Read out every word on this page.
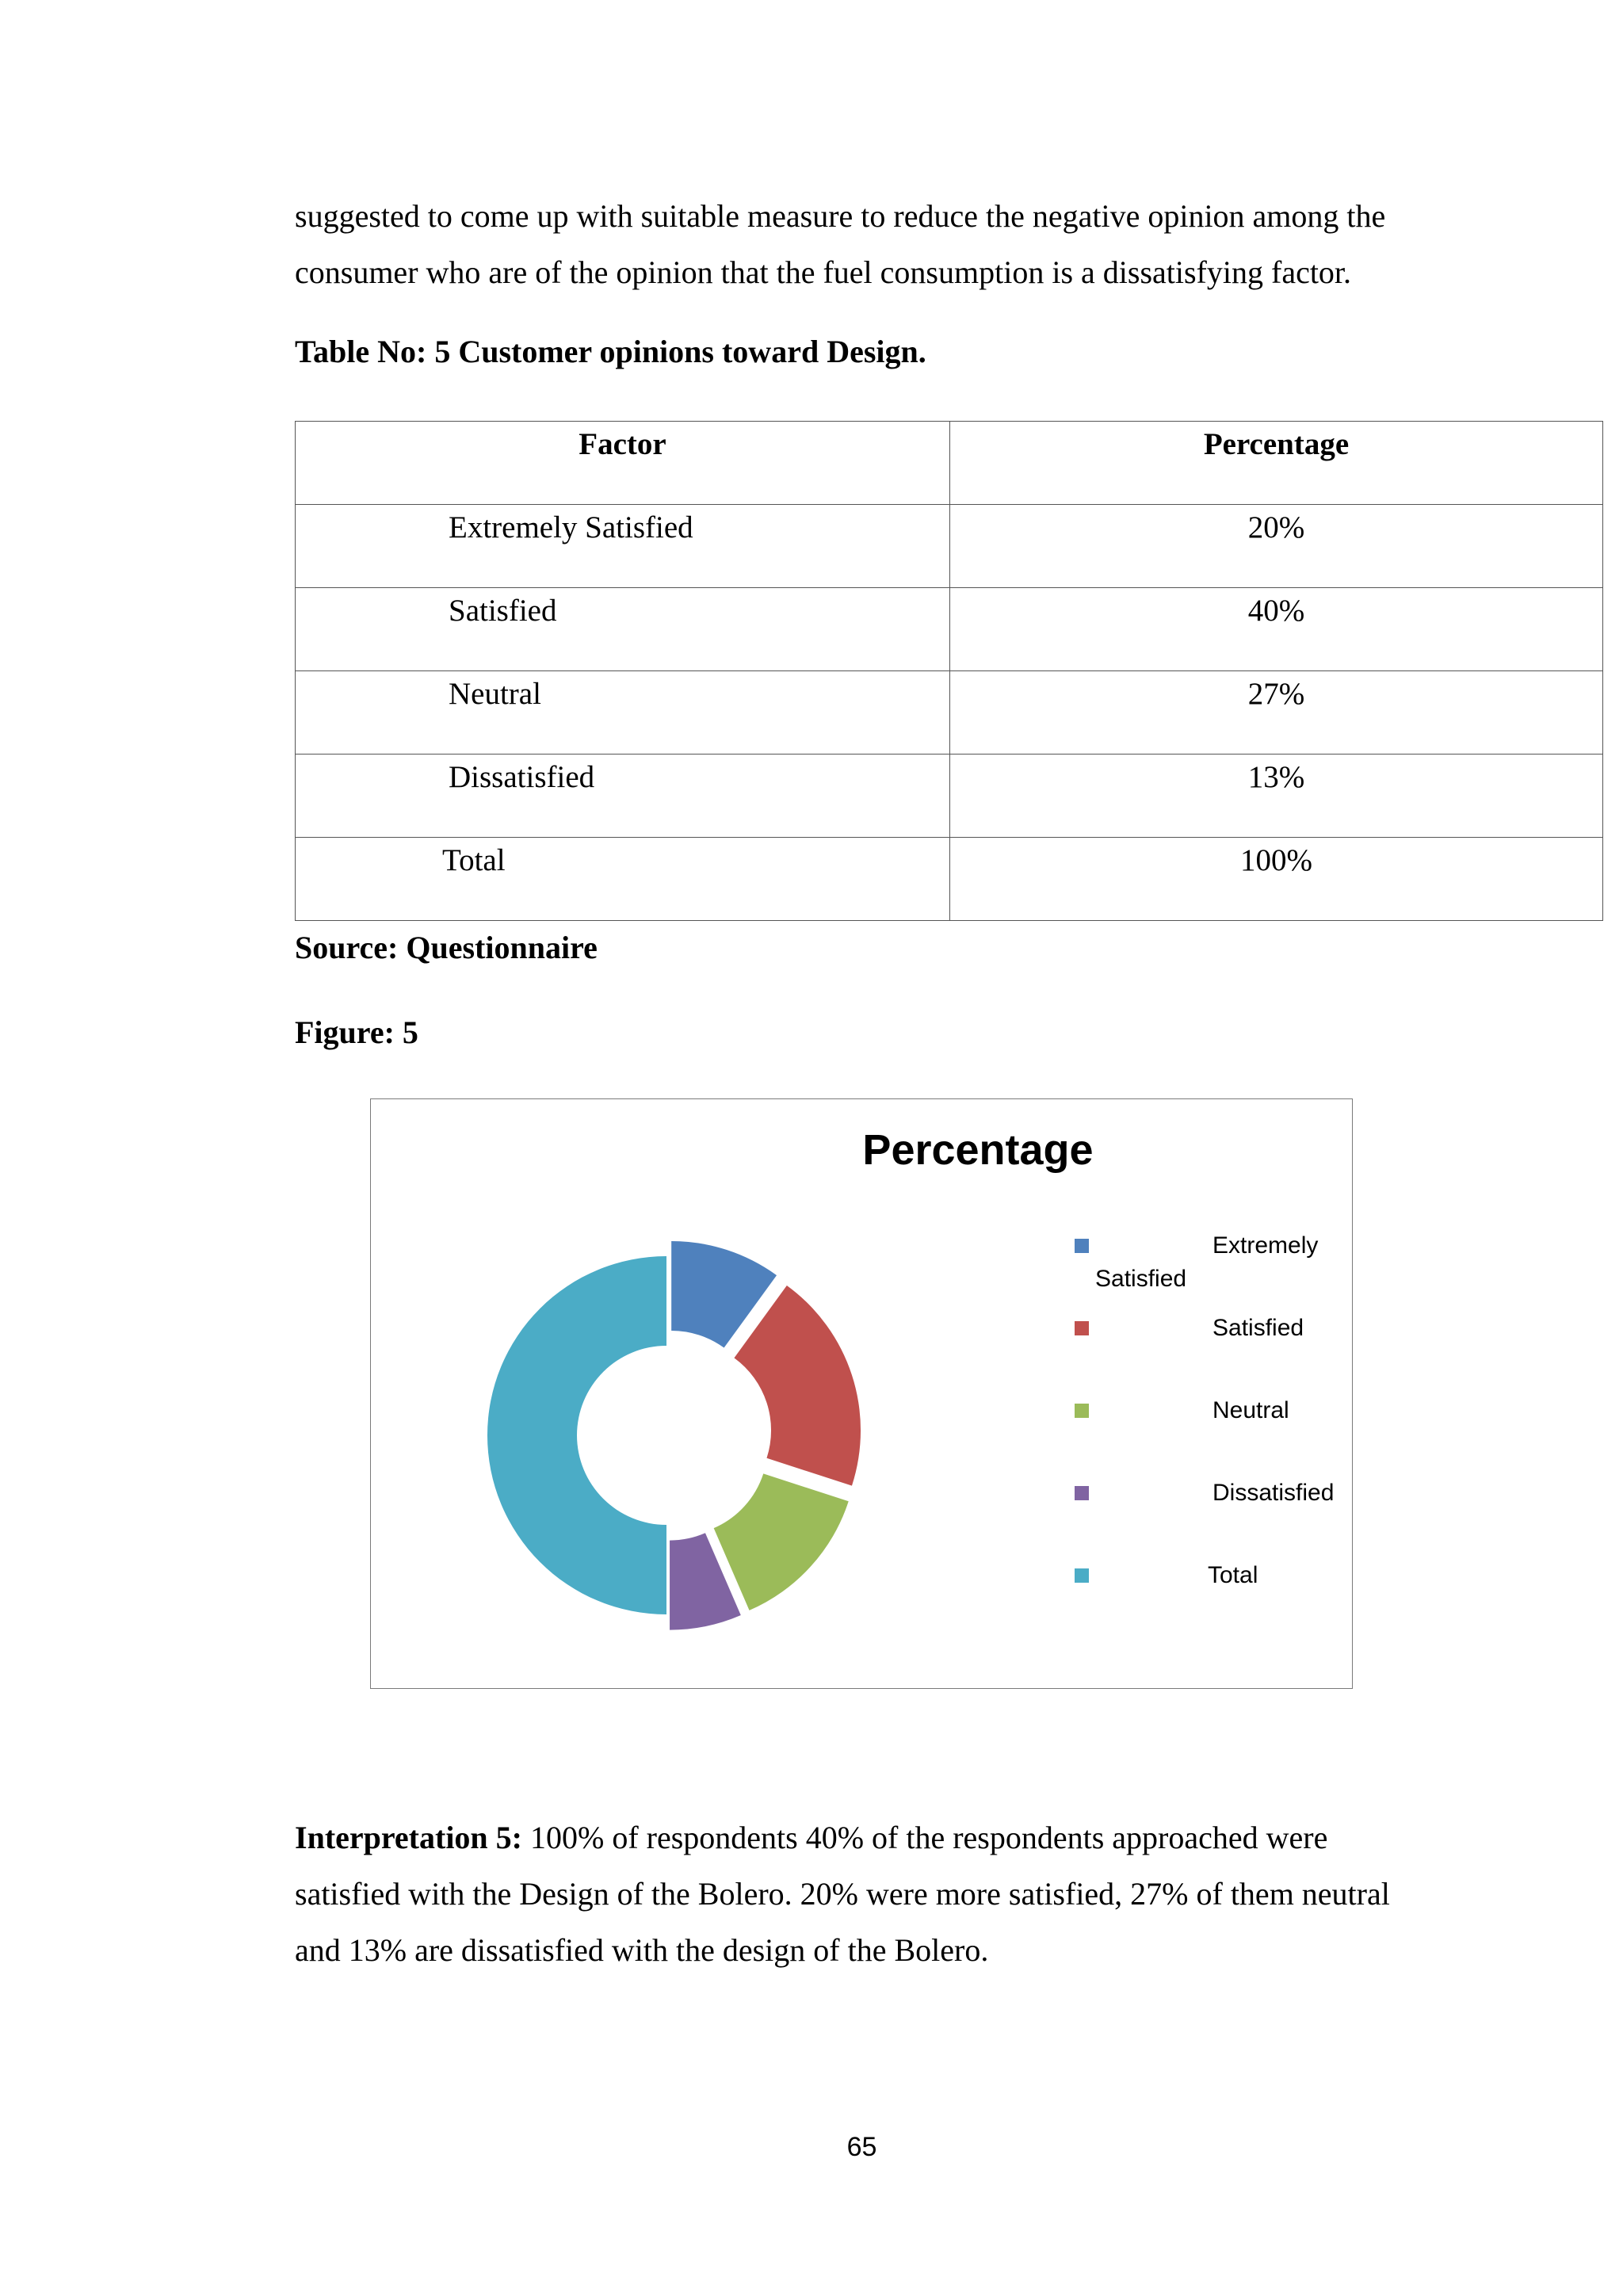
suggested to come up with suitable measure to reduce the negative opinion among the
consumer who are of the opinion that the fuel consumption is a dissatisfying factor.
Table No: 5 Customer opinions toward Design.
Factor	Percentage

Extremely Satisfied	20%

Satisfied	40%

Neutral	27%

Dissatisfied	13%

Total	100%
Source: Questionnaire
Figure: 5
Percentage
Extremely
Satisfied
Satisfied
Neutral
Dissatisfied
Total
Interpretation 5: 100% of respondents 40% of the respondents approached were
satisfied with the Design of the Bolero. 20% were more satisfied, 27% of them neutral
and 13% are dissatisfied with the design of the Bolero.
65
